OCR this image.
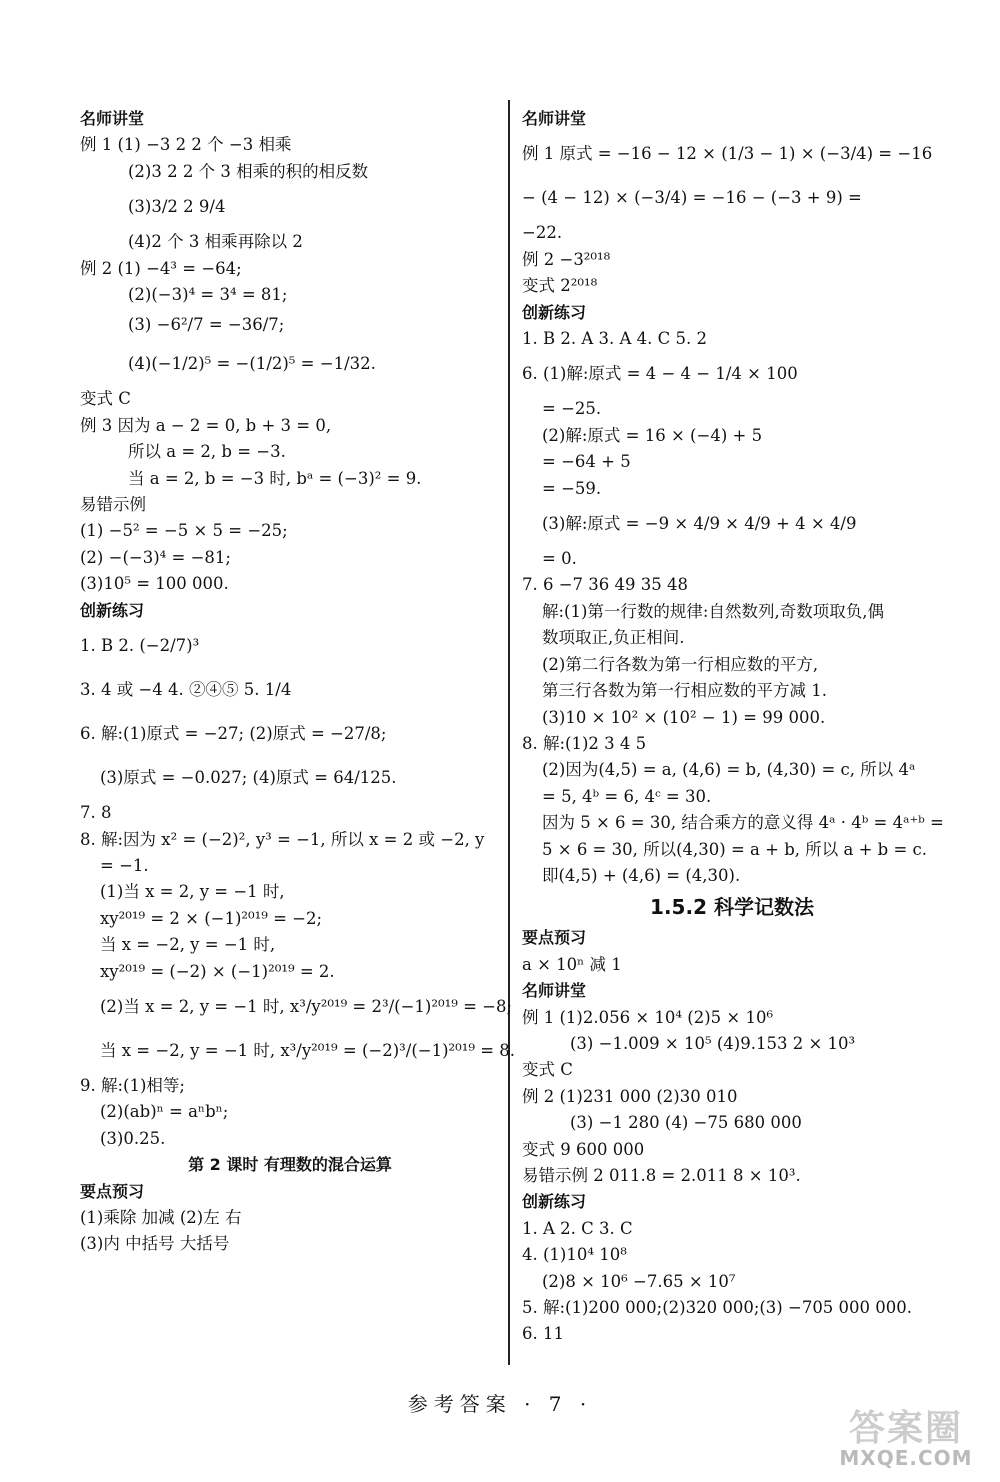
名师讲堂
例 1 (1) −3 2 2 个 −3 相乘
(2)3 2 2 个 3 相乘的积的相反数
(3)3/2 2 9/4
(4)2 个 3 相乘再除以 2
例 2 (1) −4³ = −64;
(2)(−3)⁴ = 3⁴ = 81;
(3) −6²/7 = −36/7;
(4)(−1/2)⁵ = −(1/2)⁵ = −1/32.
变式 C
例 3 因为 a − 2 = 0, b + 3 = 0,
所以 a = 2, b = −3.
当 a = 2, b = −3 时, bᵃ = (−3)² = 9.
易错示例
(1) −5² = −5 × 5 = −25;
(2) −(−3)⁴ = −81;
(3)10⁵ = 100 000.
创新练习
1. B 2. (−2/7)³
3. 4 或 −4 4. ②④⑤ 5. 1/4
6. 解:(1)原式 = −27; (2)原式 = −27/8;
(3)原式 = −0.027; (4)原式 = 64/125.
7. 8
8. 解:因为 x² = (−2)², y³ = −1, 所以 x = 2 或 −2, y
= −1.
(1)当 x = 2, y = −1 时,
xy²⁰¹⁹ = 2 × (−1)²⁰¹⁹ = −2;
当 x = −2, y = −1 时,
xy²⁰¹⁹ = (−2) × (−1)²⁰¹⁹ = 2.
(2)当 x = 2, y = −1 时, x³/y²⁰¹⁹ = 2³/(−1)²⁰¹⁹ = −8;
当 x = −2, y = −1 时, x³/y²⁰¹⁹ = (−2)³/(−1)²⁰¹⁹ = 8.
9. 解:(1)相等;
(2)(ab)ⁿ = aⁿbⁿ;
(3)0.25.
第 2 课时 有理数的混合运算
要点预习
(1)乘除 加减 (2)左 右
(3)内 中括号 大括号
名师讲堂
例 1 原式 = −16 − 12 × (1/3 − 1) × (−3/4) = −16
− (4 − 12) × (−3/4) = −16 − (−3 + 9) =
−22.
例 2 −3²⁰¹⁸
变式 2²⁰¹⁸
创新练习
1. B 2. A 3. A 4. C 5. 2
6. (1)解:原式 = 4 − 4 − 1/4 × 100
= −25.
(2)解:原式 = 16 × (−4) + 5
= −64 + 5
= −59.
(3)解:原式 = −9 × 4/9 × 4/9 + 4 × 4/9
= 0.
7. 6 −7 36 49 35 48
解:(1)第一行数的规律:自然数列,奇数项取负,偶
数项取正,负正相间.
(2)第二行各数为第一行相应数的平方,
第三行各数为第一行相应数的平方减 1.
(3)10 × 10² × (10² − 1) = 99 000.
8. 解:(1)2 3 4 5
(2)因为(4,5) = a, (4,6) = b, (4,30) = c, 所以 4ᵃ
= 5, 4ᵇ = 6, 4ᶜ = 30.
因为 5 × 6 = 30, 结合乘方的意义得 4ᵃ · 4ᵇ = 4ᵃ⁺ᵇ =
5 × 6 = 30, 所以(4,30) = a + b, 所以 a + b = c.
即(4,5) + (4,6) = (4,30).
1.5.2 科学记数法
要点预习
a × 10ⁿ 减 1
名师讲堂
例 1 (1)2.056 × 10⁴ (2)5 × 10⁶
(3) −1.009 × 10⁵ (4)9.153 2 × 10³
变式 C
例 2 (1)231 000 (2)30 010
(3) −1 280 (4) −75 680 000
变式 9 600 000
易错示例 2 011.8 = 2.011 8 × 10³.
创新练习
1. A 2. C 3. C
4. (1)10⁴ 10⁸
(2)8 × 10⁶ −7.65 × 10⁷
5. 解:(1)200 000;(2)320 000;(3) −705 000 000.
6. 11
参考答案 · 7 ·
答案圈
MXQE.COM
